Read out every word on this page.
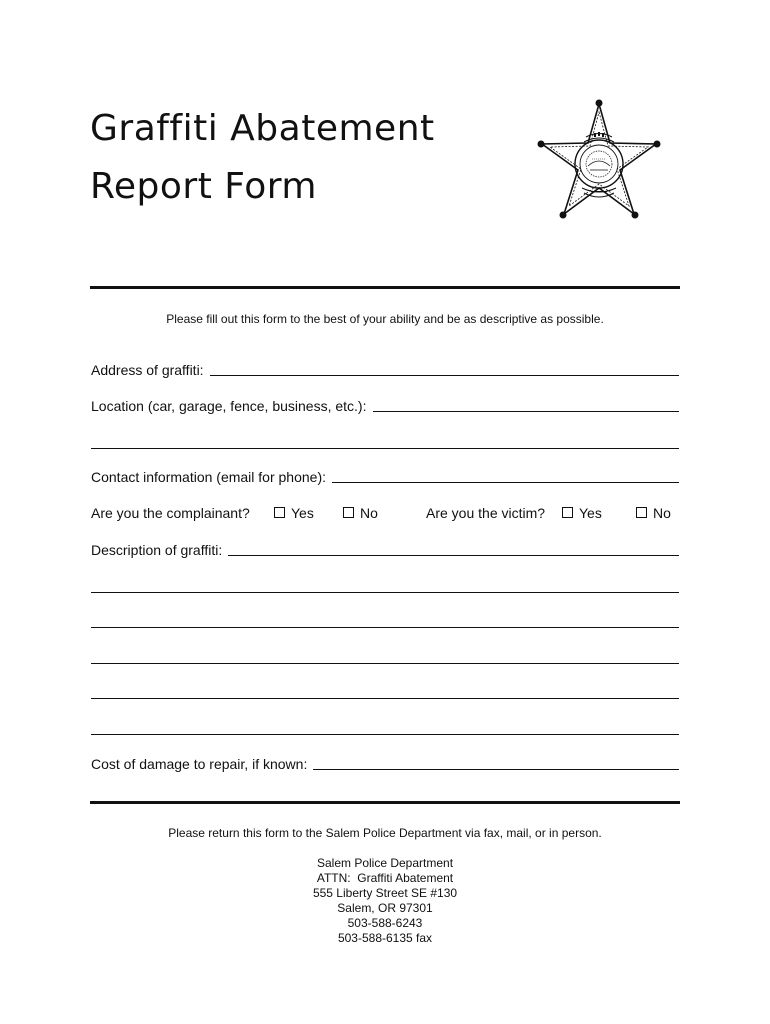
Graffiti Abatement
Report Form

Please fill out this form to the best of your ability and be as descriptive as possible.

Address of graffiti:
Location (car, garage, fence, business, etc.):
Contact information (email for phone):
Are you the complainant?	Yes	No	Are you the victim?	Yes	No
Description of graffiti:
Cost of damage to repair, if known:

Please return this form to the Salem Police Department via fax, mail, or in person.

Salem Police Department
ATTN:  Graffiti Abatement
555 Liberty Street SE #130
Salem, OR 97301
503-588-6243
503-588-6135 fax
